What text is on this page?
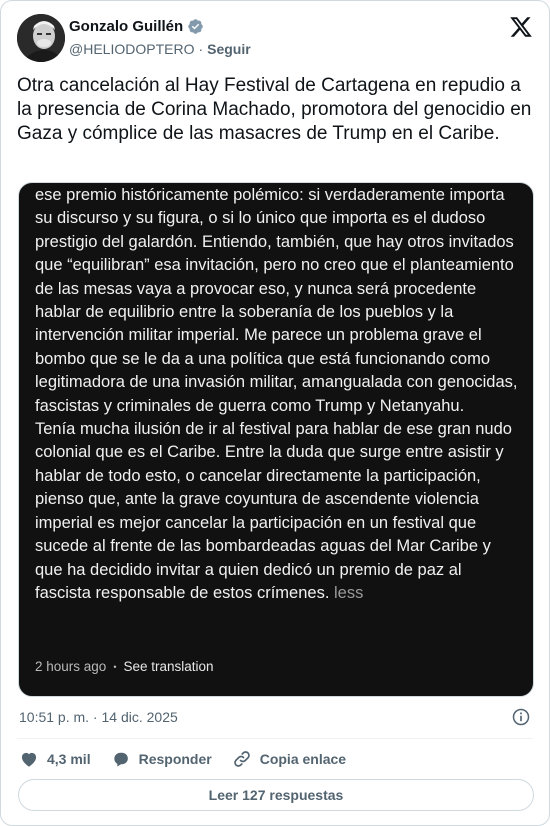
Gonzalo Guillén
@HELIODOPTERO · Seguir
Otra cancelación al Hay Festival de Cartagena en repudio a la presencia de Corina Machado, promotora del genocidio en Gaza y cómplice de las masacres de Trump en el Caribe.

ese premio históricamente polémico: si verdaderamente importa su discurso y su figura, o si lo único que importa es el dudoso prestigio del galardón. Entiendo, también, que hay otros invitados que “equilibran” esa invitación, pero no creo que el planteamiento de las mesas vaya a provocar eso, y nunca será procedente hablar de equilibrio entre la soberanía de los pueblos y la intervención militar imperial. Me parece un problema grave el bombo que se le da a una política que está funcionando como legitimadora de una invasión militar, amangualada con genocidas, fascistas y criminales de guerra como Trump y Netanyahu.

Tenía mucha ilusión de ir al festival para hablar de ese gran nudo colonial que es el Caribe. Entre la duda que surge entre asistir y hablar de todo esto, o cancelar directamente la participación, pienso que, ante la grave coyuntura de ascendente violencia imperial es mejor cancelar la participación en un festival que sucede al frente de las bombardeadas aguas del Mar Caribe y que ha decidido invitar a quien dedicó un premio de paz al fascista responsable de estos crímenes. less

2 hours ago • See translation
10:51 p. m. · 14 dic. 2025
4,3 mil	Responder	Copia enlace
Leer 127 respuestas
